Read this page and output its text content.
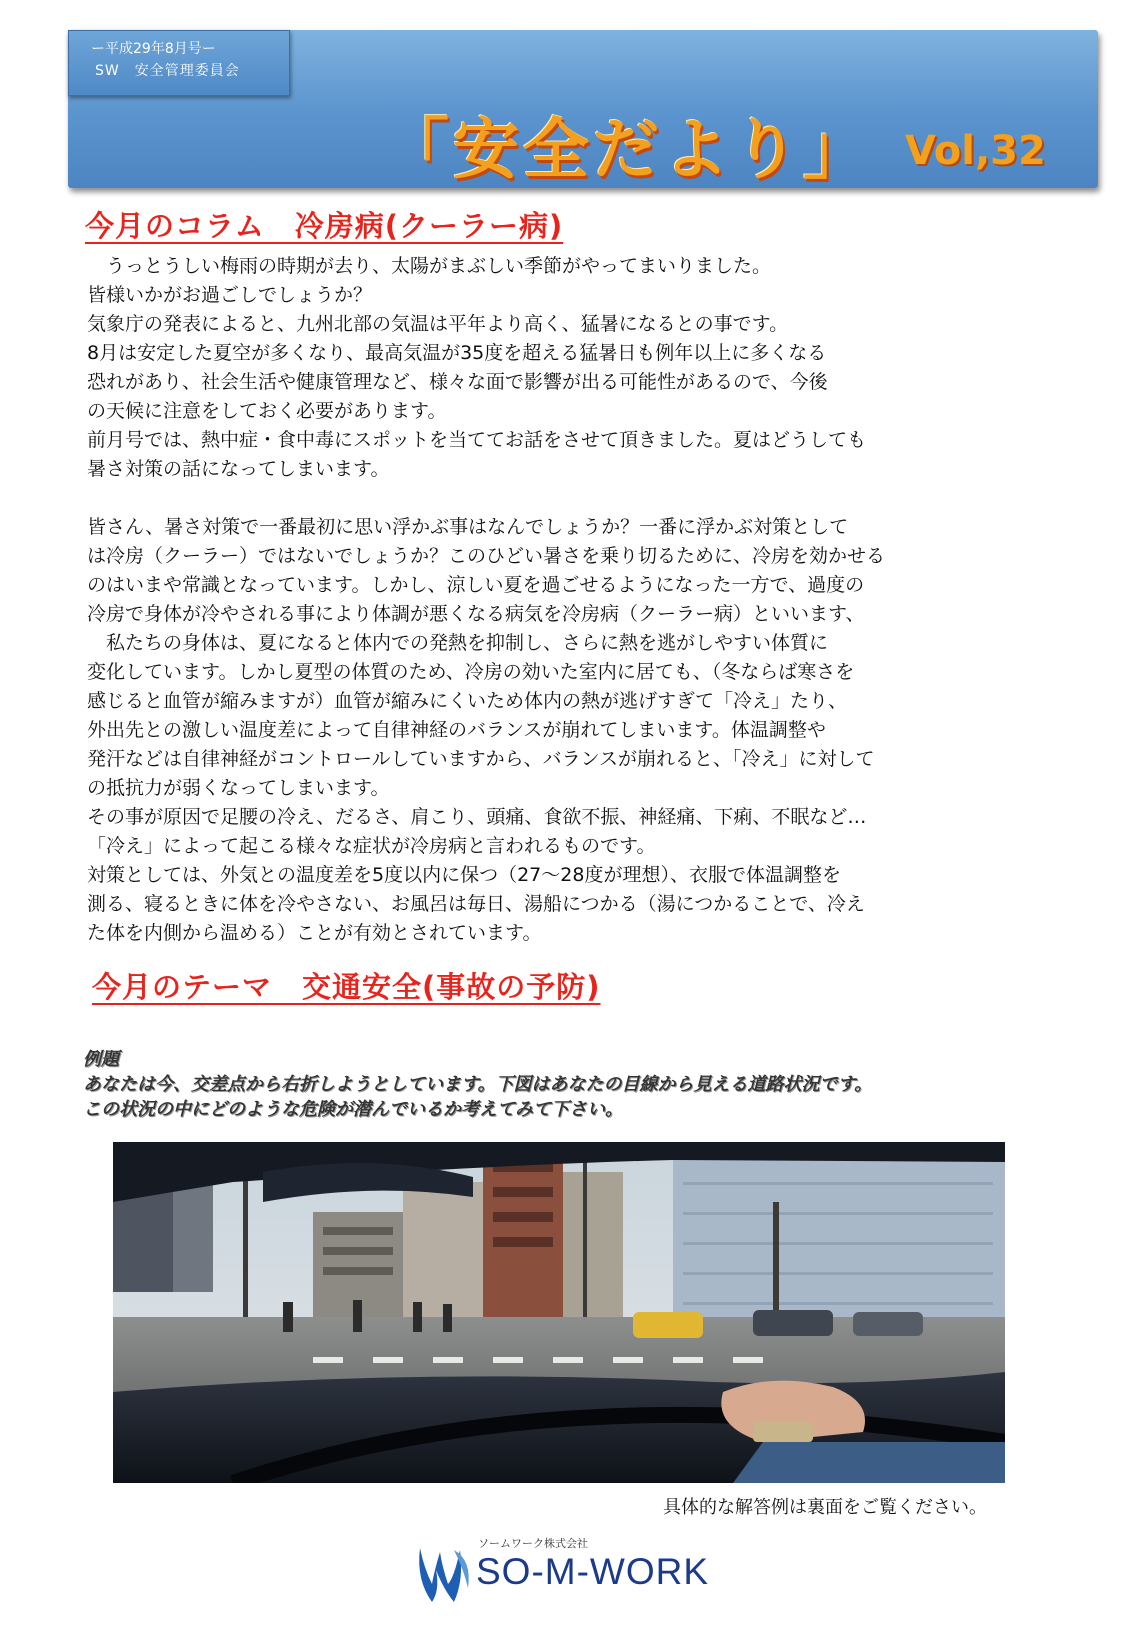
ー平成29年8月号ー
SW　安全管理委員会
「安全だより」 Vol,32
今月のコラム　冷房病(クーラー病)

　うっとうしい梅雨の時期が去り、太陽がまぶしい季節がやってまいりました。

皆様いかがお過ごしでしょうか？

気象庁の発表によると、九州北部の気温は平年より高く、猛暑になるとの事です。

8月は安定した夏空が多くなり、最高気温が35度を超える猛暑日も例年以上に多くなる

恐れがあり、社会生活や健康管理など、様々な面で影響が出る可能性があるので、今後

の天候に注意をしておく必要があります。

前月号では、熱中症・食中毒にスポットを当ててお話をさせて頂きました。夏はどうしても

暑さ対策の話になってしまいます。

皆さん、暑さ対策で一番最初に思い浮かぶ事はなんでしょうか？一番に浮かぶ対策として

は冷房（クーラー）ではないでしょうか？このひどい暑さを乗り切るために、冷房を効かせる

のはいまや常識となっています。しかし、涼しい夏を過ごせるようになった一方で、過度の

冷房で身体が冷やされる事により体調が悪くなる病気を冷房病（クーラー病）といいます、

　私たちの身体は、夏になると体内での発熱を抑制し、さらに熱を逃がしやすい体質に

変化しています。しかし夏型の体質のため、冷房の効いた室内に居ても、（冬ならば寒さを

感じると血管が縮みますが）血管が縮みにくいため体内の熱が逃げすぎて「冷え」たり、

外出先との激しい温度差によって自律神経のバランスが崩れてしまいます。体温調整や

発汗などは自律神経がコントロールしていますから、バランスが崩れると、「冷え」に対して

の抵抗力が弱くなってしまいます。

その事が原因で足腰の冷え、だるさ、肩こり、頭痛、食欲不振、神経痛、下痢、不眠など…

「冷え」によって起こる様々な症状が冷房病と言われるものです。

対策としては、外気との温度差を5度以内に保つ（27～28度が理想）、衣服で体温調整を

測る、寝るときに体を冷やさない、お風呂は毎日、湯船につかる（湯につかることで、冷え

た体を内側から温める）ことが有効とされています。

今月のテーマ　交通安全(事故の予防)

例題

あなたは今、交差点から右折しようとしています。下図はあなたの目線から見える道路状況です。

この状況の中にどのような危険が潜んでいるか考えてみて下さい。

具体的な解答例は裏面をご覧ください。
ソームワーク株式会社
SO-M-WORK
